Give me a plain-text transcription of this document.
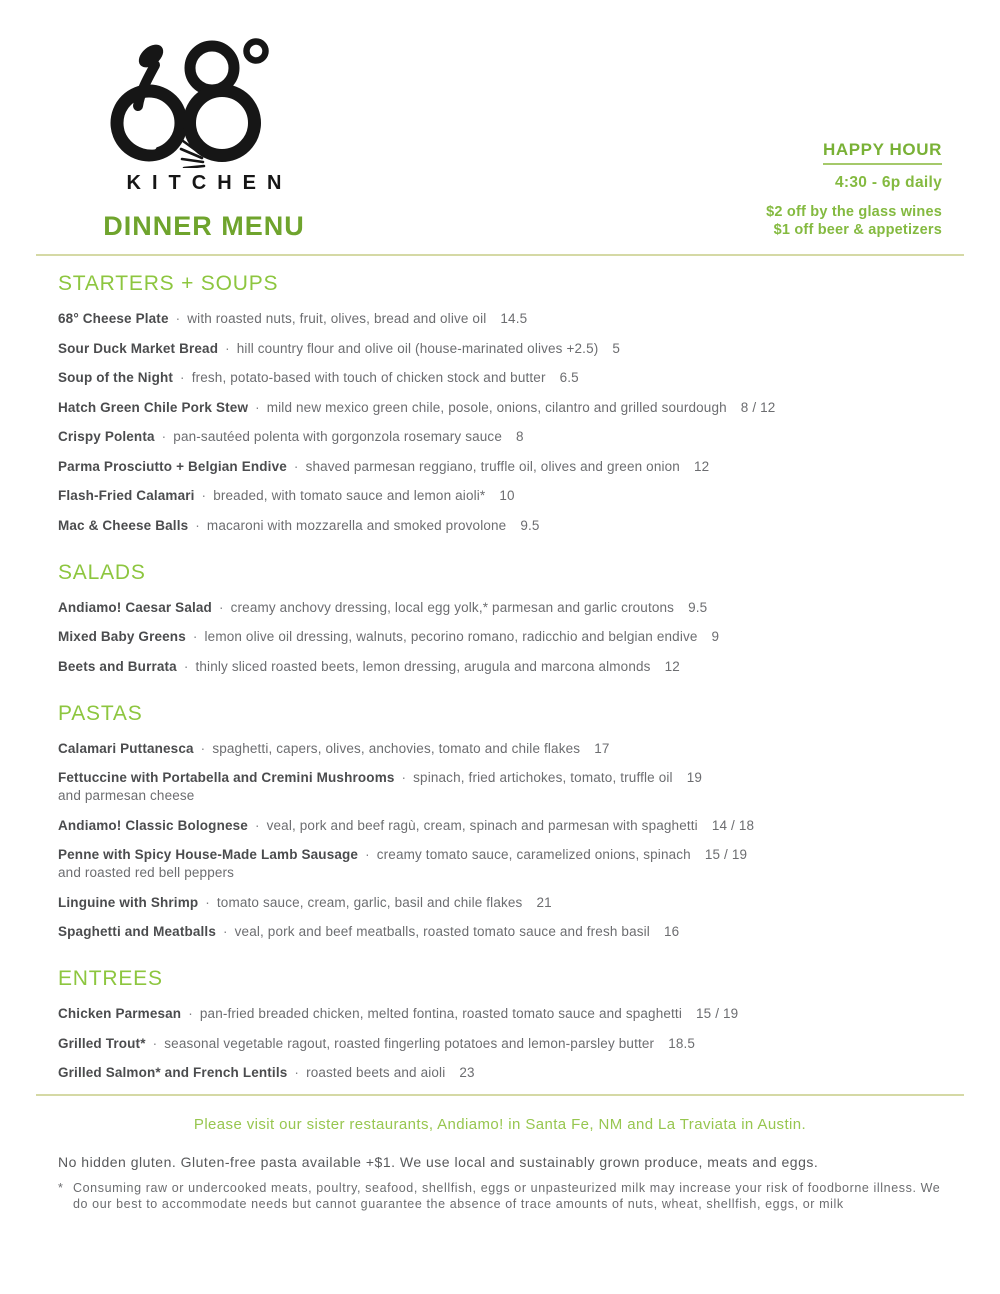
KITCHEN
DINNER MENU
HAPPY HOUR
4:30 - 6p daily
$2 off by the glass wines
$1 off beer & appetizers
STARTERS + SOUPS
68° Cheese Plate · with roasted nuts, fruit, olives, bread and olive oil 14.5
Sour Duck Market Bread · hill country flour and olive oil (house-marinated olives +2.5) 5
Soup of the Night · fresh, potato-based with touch of chicken stock and butter 6.5
Hatch Green Chile Pork Stew · mild new mexico green chile, posole, onions, cilantro and grilled sourdough 8 / 12
Crispy Polenta · pan-sautéed polenta with gorgonzola rosemary sauce 8
Parma Prosciutto + Belgian Endive · shaved parmesan reggiano, truffle oil, olives and green onion 12
Flash-Fried Calamari · breaded, with tomato sauce and lemon aioli* 10
Mac & Cheese Balls · macaroni with mozzarella and smoked provolone 9.5
SALADS
Andiamo! Caesar Salad · creamy anchovy dressing, local egg yolk,* parmesan and garlic croutons 9.5
Mixed Baby Greens · lemon olive oil dressing, walnuts, pecorino romano, radicchio and belgian endive 9
Beets and Burrata · thinly sliced roasted beets, lemon dressing, arugula and marcona almonds 12
PASTAS
Calamari Puttanesca · spaghetti, capers, olives, anchovies, tomato and chile flakes 17
Fettuccine with Portabella and Cremini Mushrooms · spinach, fried artichokes, tomato, truffle oil 19
and parmesan cheese
Andiamo! Classic Bolognese · veal, pork and beef ragù, cream, spinach and parmesan with spaghetti 14 / 18
Penne with Spicy House-Made Lamb Sausage · creamy tomato sauce, caramelized onions, spinach 15 / 19
and roasted red bell peppers
Linguine with Shrimp · tomato sauce, cream, garlic, basil and chile flakes 21
Spaghetti and Meatballs · veal, pork and beef meatballs, roasted tomato sauce and fresh basil 16
ENTREES
Chicken Parmesan · pan-fried breaded chicken, melted fontina, roasted tomato sauce and spaghetti 15 / 19
Grilled Trout* · seasonal vegetable ragout, roasted fingerling potatoes and lemon-parsley butter 18.5
Grilled Salmon* and French Lentils · roasted beets and aioli 23

Please visit our sister restaurants, Andiamo! in Santa Fe, NM and La Traviata in Austin.

No hidden gluten. Gluten-free pasta available +$1. We use local and sustainably grown produce, meats and eggs.

* Consuming raw or undercooked meats, poultry, seafood, shellfish, eggs or unpasteurized milk may increase your risk of foodborne illness. We do our best to accommodate needs but cannot guarantee the absence of trace amounts of nuts, wheat, shellfish, eggs, or milk
